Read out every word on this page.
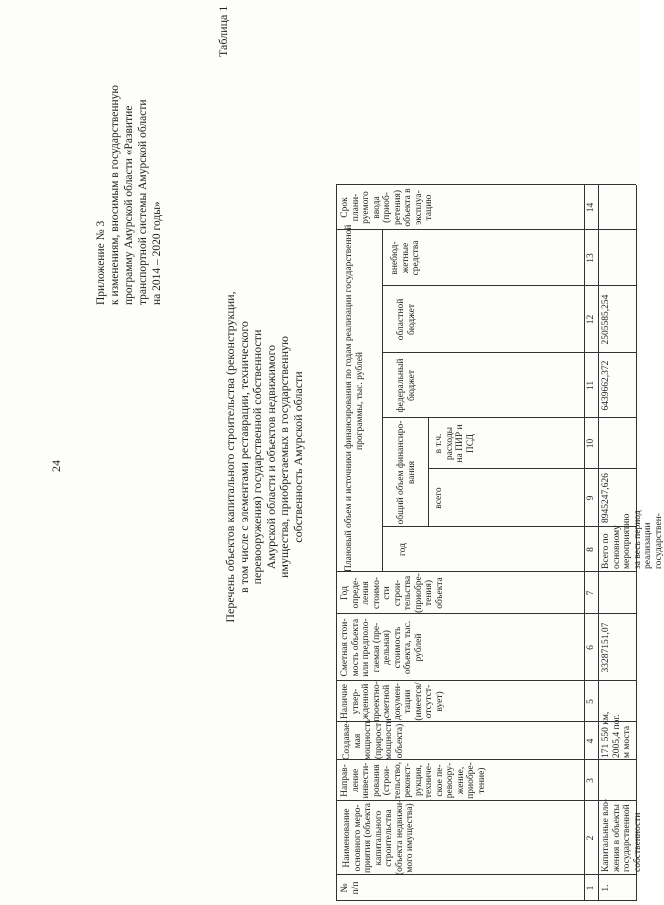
24
Приложение № 3 к изменениям, вносимым в государственную программу Амурской области «Развитие транспортной системы Амурской области на 2014 – 2020 годы»
Таблица 1
Перечень объектов капитального строительства (реконструкции, в том числе с элементами реставрации, технического перевооружения) государственной собственности Амурской области и объектов недвижимого имущества, приобретаемых в государственную собственность Амурской области
№ п/п
Наименование основного меро- приятия (объекта капитального строительства (объекта недвижи- мого имущества)
Направ- ление инвести- рования (строи- тельство, реконст- рукция, техниче- ское пе- ревоору- жение, приобре- тение)
Создавае- мая мощность (прирост мощности объекта)
Наличие утвер- жденной проектно- сметной докумен- тации (имеется/ отсутст- вует)
Сметная стои- мость объекта или предполо- гаемая (пре- дельная) стоимость объекта, тыс. рублей
Год опреде- ления стоимо- сти строи- тельства (приобре- тения) объекта
Плановый объем и источники финансирования по годам реализации государственной программы, тыс. рублей
год
общий объем финансиро- вания
всего
в т.ч. расходы на ПИР и ПСД
федеральный бюджет
областной бюджет
внебюд- жетные средства
Срок плани- руемого ввода (приоб- ретения) объекта в эксплуа- тацию
1
2
3
4
5
6
7
8
9
10
11
12
13
14
1.
Капитальные вло- жения в объекты государственной собственности
171 550 км, 2005,4 пог. м моста
33287151,07
Всего по основному мероприятию за весь период реализации государствен-
8945247,626
6439662,372
2505585,254
